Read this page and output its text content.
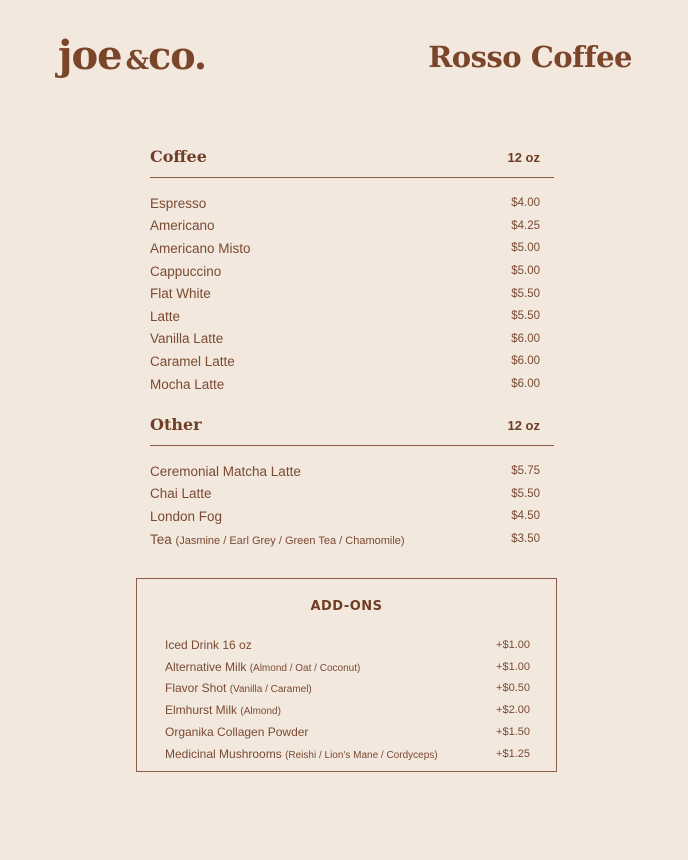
joe &co.	Rosso Coffee
Coffee	12 oz
Espresso	$4.00
Americano	$4.25
Americano Misto	$5.00
Cappuccino	$5.00
Flat White	$5.50
Latte	$5.50
Vanilla Latte	$6.00
Caramel Latte	$6.00
Mocha Latte	$6.00
Other	12 oz
Ceremonial Matcha Latte	$5.75
Chai Latte	$5.50
London Fog	$4.50
Tea (Jasmine / Earl Grey / Green Tea / Chamomile)	$3.50
ADD-ONS
Iced Drink 16 oz	+$1.00
Alternative Milk (Almond / Oat / Coconut)	+$1.00
Flavor Shot (Vanilla / Caramel)	+$0.50
Elmhurst Milk (Almond)	+$2.00
Organika Collagen Powder	+$1.50
Medicinal Mushrooms (Reishi / Lion's Mane / Cordyceps)	+$1.25
